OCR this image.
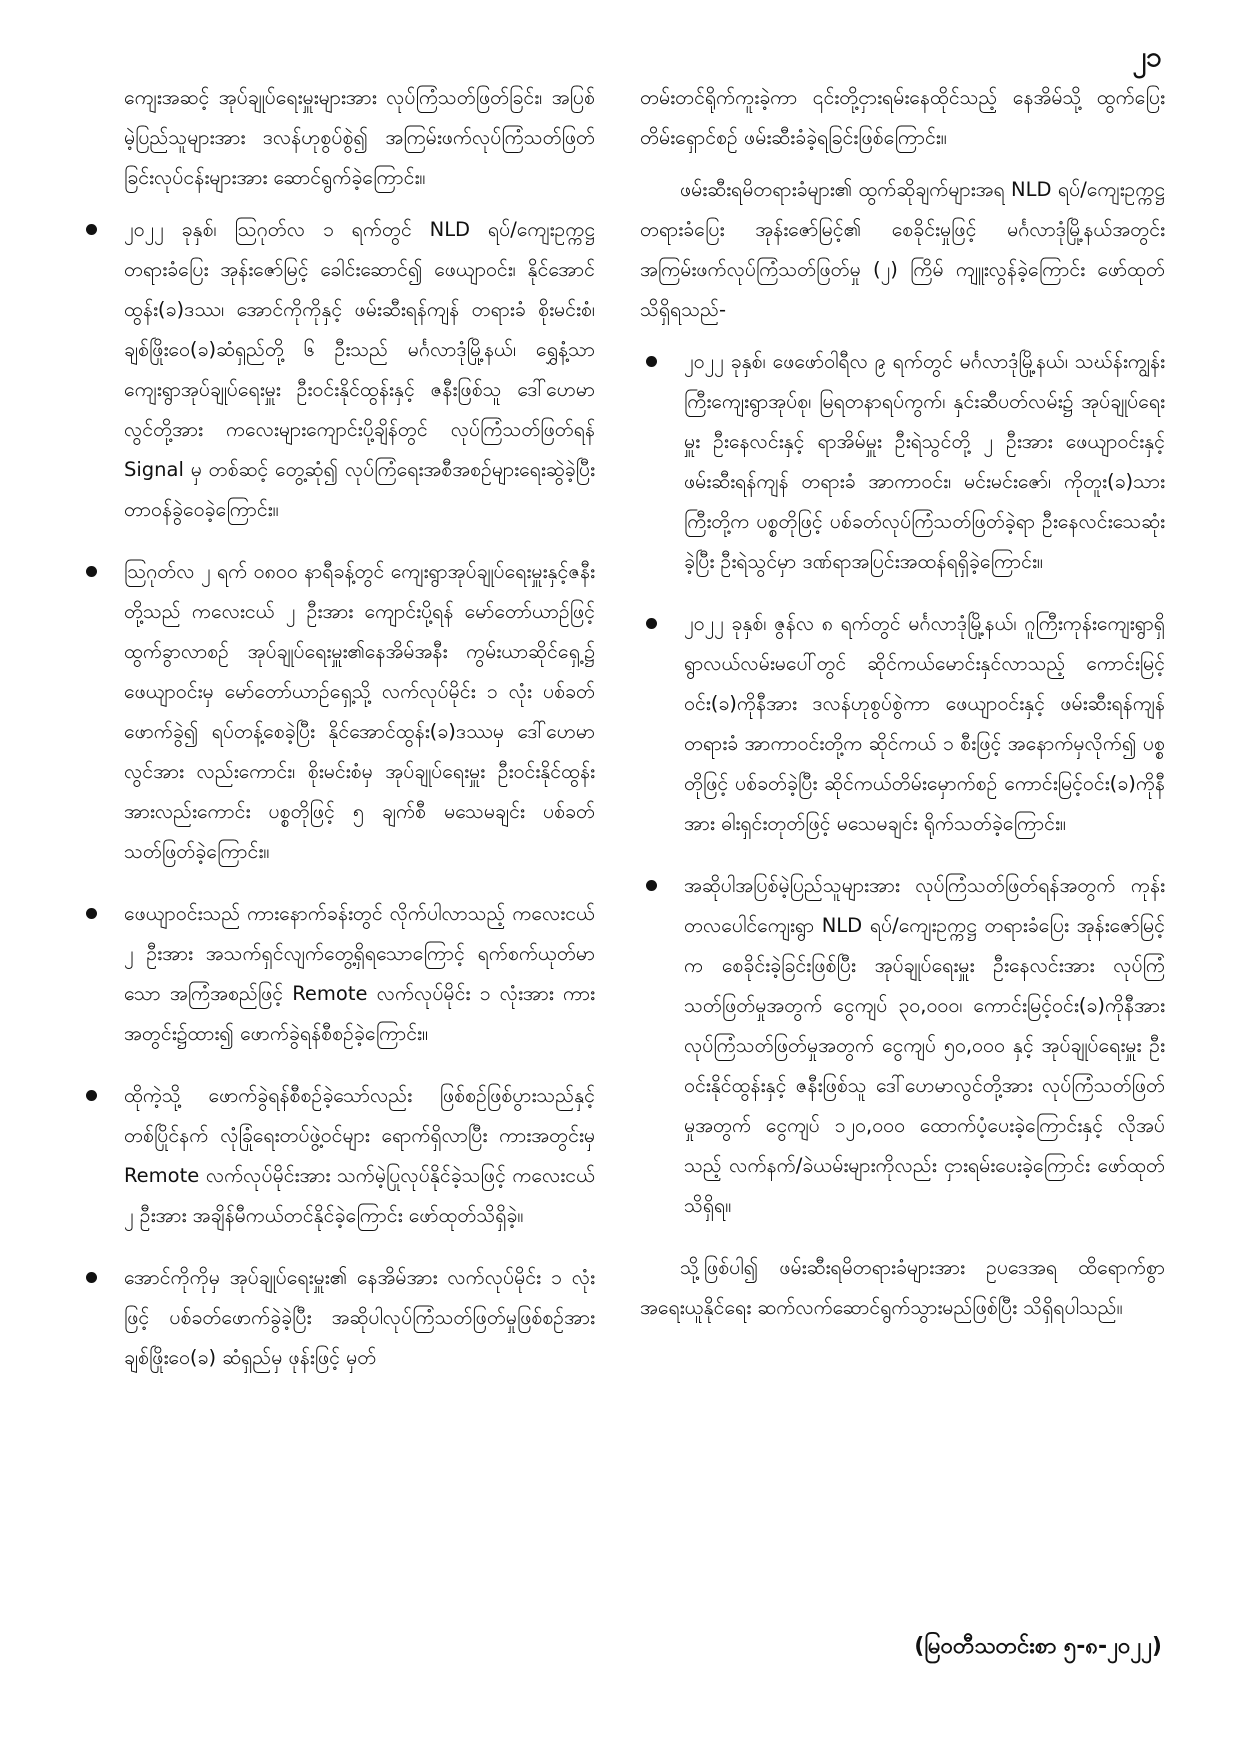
၂၁

ကျေးအဆင့် အုပ်ချုပ်ရေးမှူးများအား လုပ်ကြံသတ်ဖြတ်ခြင်း၊ အပြစ်မဲ့ပြည်သူများအား ဒလန်ဟုစွပ်စွဲ၍ အကြမ်းဖက်လုပ်ကြံသတ်ဖြတ်ခြင်းလုပ်ငန်းများအား ဆောင်ရွက်ခဲ့ကြောင်း။

၂၀၂၂ ခုနှစ်၊ ဩဂုတ်လ ၁ ရက်တွင် NLD ရပ်/ကျေးဥက္ကဋ္ဌ တရားခံပြေး အုန်းဇော်မြင့် ခေါင်းဆောင်၍ ဖေယျာဝင်း၊ နိုင်အောင်ထွန်း(ခ)ဒဿ၊ အောင်ကိုကိုနှင့် ဖမ်းဆီးရန်ကျန် တရားခံ စိုးမင်းစံ၊ ချစ်ဖြိုးဝေ(ခ)ဆံရှည်တို့ ၆ ဦးသည် မင်္ဂလာဒုံမြို့နယ်၊ ရွှေနံ့သာကျေးရွာအုပ်ချုပ်ရေးမှူး ဦးဝင်းနိုင်ထွန်းနှင့် ဇနီးဖြစ်သူ ဒေါ်ဟေမာလွင်တို့အား ကလေးများကျောင်းပို့ချိန်တွင် လုပ်ကြံသတ်ဖြတ်ရန် Signal မှ တစ်ဆင့် တွေ့ဆုံ၍ လုပ်ကြံရေးအစီအစဉ်များရေးဆွဲခဲ့ပြီး တာဝန်ခွဲဝေခဲ့ကြောင်း။
ဩဂုတ်လ ၂ ရက် ဝ၈၀၀ နာရီခန့်တွင် ကျေးရွာအုပ်ချုပ်ရေးမှူးနှင့်ဇနီးတို့သည် ကလေးငယ် ၂ ဦးအား ကျောင်းပို့ရန် မော်တော်ယာဉ်ဖြင့် ထွက်ခွာလာစဉ် အုပ်ချုပ်ရေးမှူး၏နေအိမ်အနီး ကွမ်းယာဆိုင်ရှေ့၌ ဖေယျာဝင်းမှ မော်တော်ယာဉ်ရှေ့သို့ လက်လုပ်မိုင်း ၁ လုံး ပစ်ခတ်ဖောက်ခွဲ၍ ရပ်တန့်စေခဲ့ပြီး နိုင်အောင်ထွန်း(ခ)ဒဿမှ ဒေါ်ဟေမာလွင်အား လည်းကောင်း၊ စိုးမင်းစံမှ အုပ်ချုပ်ရေးမှူး ဦးဝင်းနိုင်ထွန်းအားလည်းကောင်း ပစ္စတိုဖြင့် ၅ ချက်စီ မသေမချင်း ပစ်ခတ်သတ်ဖြတ်ခဲ့ကြောင်း။
ဖေယျာဝင်းသည် ကားနောက်ခန်းတွင် လိုက်ပါလာသည့် ကလေးငယ် ၂ ဦးအား အသက်ရှင်လျက်တွေ့ရှိရသောကြောင့် ရက်စက်ယုတ်မာသော အကြံအစည်ဖြင့် Remote လက်လုပ်မိုင်း ၁ လုံးအား ကားအတွင်း၌ထား၍ ဖောက်ခွဲရန်စီစဉ်ခဲ့ကြောင်း။
ထိုကဲ့သို့ ဖောက်ခွဲရန်စီစဉ်ခဲ့သော်လည်း ဖြစ်စဉ်ဖြစ်ပွားသည်နှင့်တစ်ပြိုင်နက် လုံခြုံရေးတပ်ဖွဲ့ဝင်များ ရောက်ရှိလာပြီး ကားအတွင်းမှ Remote လက်လုပ်မိုင်းအား သက်မဲ့ပြုလုပ်နိုင်ခဲ့သဖြင့် ကလေးငယ် ၂ ဦးအား အချိန်မီကယ်တင်နိုင်ခဲ့ကြောင်း ဖော်ထုတ်သိရှိခဲ့။
အောင်ကိုကိုမှ အုပ်ချုပ်ရေးမှူး၏ နေအိမ်အား လက်လုပ်မိုင်း ၁ လုံးဖြင့် ပစ်ခတ်ဖောက်ခွဲခဲ့ပြီး အဆိုပါလုပ်ကြံသတ်ဖြတ်မှုဖြစ်စဉ်အား ချစ်ဖြိုးဝေ(ခ) ဆံရှည်မှ ဖုန်းဖြင့် မှတ်

တမ်းတင်ရိုက်ကူးခဲ့ကာ ၎င်းတို့ငှားရမ်းနေထိုင်သည့် နေအိမ်သို့ ထွက်ပြေးတိမ်းရှောင်စဉ် ဖမ်းဆီးခံခဲ့ရခြင်းဖြစ်ကြောင်း။

ဖမ်းဆီးရမိတရားခံများ၏ ထွက်ဆိုချက်များအရ NLD ရပ်/ကျေးဥက္ကဋ္ဌ တရားခံပြေး အုန်းဇော်မြင့်၏ စေခိုင်းမှုဖြင့် မင်္ဂလာဒုံမြို့နယ်အတွင်း အကြမ်းဖက်လုပ်ကြံသတ်ဖြတ်မှု (၂) ကြိမ် ကျူးလွန်ခဲ့ကြောင်း ဖော်ထုတ်သိရှိရသည်-

၂၀၂၂ ခုနှစ်၊ ဖေဖော်ဝါရီလ ၉ ရက်တွင် မင်္ဂလာဒုံမြို့နယ်၊ သဃ်န်းကျွန်းကြီးကျေးရွာအုပ်စု၊ မြရတနာရပ်ကွက်၊ နှင်းဆီပတ်လမ်း၌ အုပ်ချုပ်ရေးမှူး ဦးနေလင်းနှင့် ရာအိမ်မှူး ဦးရဲသွင်တို့ ၂ ဦးအား ဖေယျာဝင်းနှင့် ဖမ်းဆီးရန်ကျန် တရားခံ အာကာဝင်း၊ မင်းမင်းဇော်၊ ကိုတူး(ခ)သားကြီးတို့က ပစ္စတိုဖြင့် ပစ်ခတ်လုပ်ကြံသတ်ဖြတ်ခဲ့ရာ ဦးနေလင်းသေဆုံးခဲ့ပြီး ဦးရဲသွင်မှာ ဒဏ်ရာအပြင်းအထန်ရရှိခဲ့ကြောင်း။
၂၀၂၂ ခုနှစ်၊ ဇွန်လ ၈ ရက်တွင် မင်္ဂလာဒုံမြို့နယ်၊ ဂူကြီးကုန်းကျေးရွာရှိ ရွာလယ်လမ်းမပေါ်တွင် ဆိုင်ကယ်မောင်းနှင်လာသည့် ကောင်းမြင့်ဝင်း(ခ)ကိုနီအား ဒလန်ဟုစွပ်စွဲကာ ဖေယျာဝင်းနှင့် ဖမ်းဆီးရန်ကျန် တရားခံ အာကာဝင်းတို့က ဆိုင်ကယ် ၁ စီးဖြင့် အနောက်မှလိုက်၍ ပစ္စတိုဖြင့် ပစ်ခတ်ခဲ့ပြီး ဆိုင်ကယ်တိမ်းမှောက်စဉ် ကောင်းမြင့်ဝင်း(ခ)ကိုနီအား ဓါးရှင်းတုတ်ဖြင့် မသေမချင်း ရိုက်သတ်ခဲ့ကြောင်း။
အဆိုပါအပြစ်မဲ့ပြည်သူများအား လုပ်ကြံသတ်ဖြတ်ရန်အတွက် ကုန်းတလပေါင်ကျေးရွာ NLD ရပ်/ကျေးဥက္ကဋ္ဌ တရားခံပြေး အုန်းဇော်မြင့်က စေခိုင်းခဲ့ခြင်းဖြစ်ပြီး အုပ်ချုပ်ရေးမှူး ဦးနေလင်းအား လုပ်ကြံသတ်ဖြတ်မှုအတွက် ငွေကျပ် ၃၀,၀၀၀၊ ကောင်းမြင့်ဝင်း(ခ)ကိုနီအား လုပ်ကြံသတ်ဖြတ်မှုအတွက် ငွေကျပ် ၅၀,၀၀၀ နှင့် အုပ်ချုပ်ရေးမှူး ဦးဝင်းနိုင်ထွန်းနှင့် ဇနီးဖြစ်သူ ဒေါ်ဟေမာလွင်တို့အား လုပ်ကြံသတ်ဖြတ်မှုအတွက် ငွေကျပ် ၁၂၀,၀၀၀ ထောက်ပံ့ပေးခဲ့ကြောင်းနှင့် လိုအပ်သည့် လက်နက်/ခဲယမ်းများကိုလည်း ငှားရမ်းပေးခဲ့ကြောင်း ဖော်ထုတ်သိရှိရ။

သို့ဖြစ်ပါ၍ ဖမ်းဆီးရမိတရားခံများအား ဥပဒေအရ ထိရောက်စွာ အရေးယူနိုင်ရေး ဆက်လက်ဆောင်ရွက်သွားမည်ဖြစ်ပြီး သိရှိရပါသည်။

(မြဝတီသတင်းစာ ၅-၈-၂၀၂၂)
